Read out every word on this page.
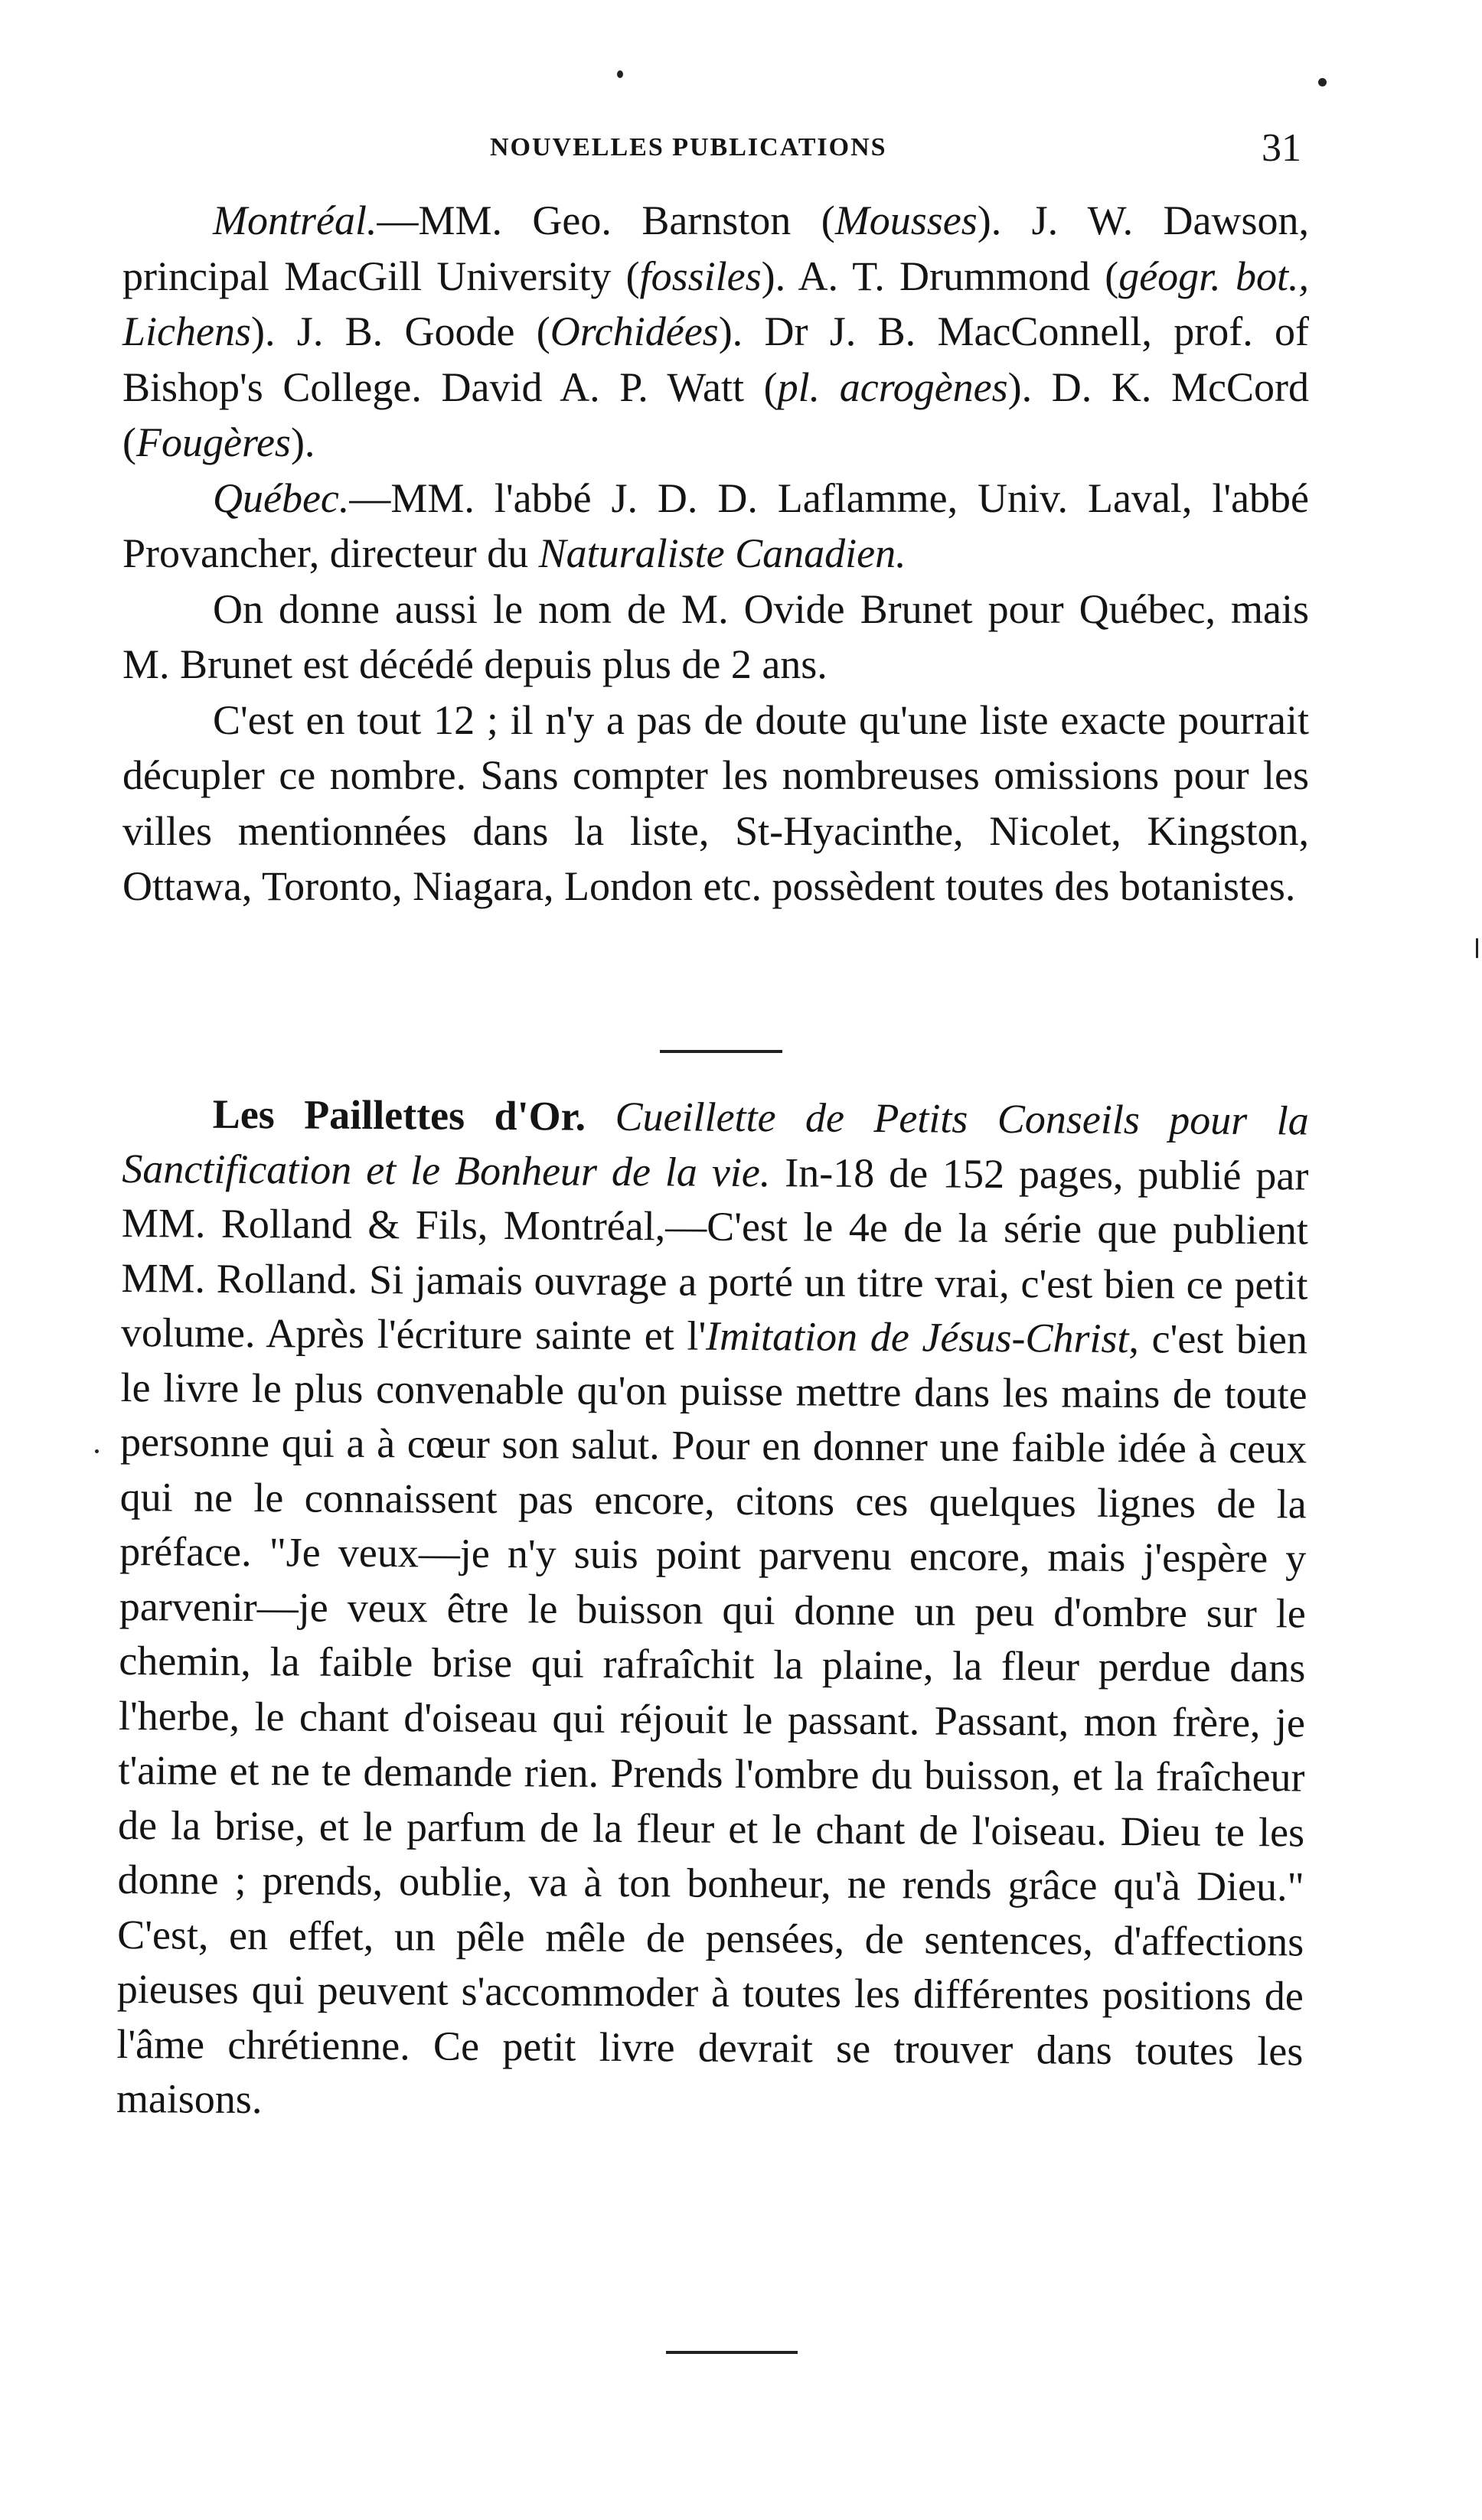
NOUVELLES PUBLICATIONS	31

Montréal.—MM. Geo. Barnston (Mousses). J. W. Dawson, principal MacGill University (fossiles). A. T. Drummond (géogr. bot., Lichens). J. B. Goode (Orchidées). Dr J. B. MacConnell, prof. of Bishop's College. David A. P. Watt (pl. acrogènes). D. K. McCord (Fougères).

Québec.—MM. l'abbé J. D. D. Laflamme, Univ. Laval, l'abbé Provancher, directeur du Naturaliste Canadien.

On donne aussi le nom de M. Ovide Brunet pour Québec, mais M. Brunet est décédé depuis plus de 2 ans.

C'est en tout 12 ; il n'y a pas de doute qu'une liste exacte pourrait décupler ce nombre. Sans compter les nombreuses omissions pour les villes mentionnées dans la liste, St-Hyacinthe, Nicolet, Kingston, Ottawa, Toronto, Niagara, London etc. possèdent toutes des botanistes.

Les Paillettes d'Or. Cueillette de Petits Conseils pour la Sanctification et le Bonheur de la vie. In-18 de 152 pages, publié par MM. Rolland & Fils, Montréal,—C'est le 4e de la série que publient MM. Rolland. Si jamais ouvrage a porté un titre vrai, c'est bien ce petit volume. Après l'écriture sainte et l'Imitation de Jésus-Christ, c'est bien le livre le plus convenable qu'on puisse mettre dans les mains de toute personne qui a à cœur son salut. Pour en donner une faible idée à ceux qui ne le connaissent pas encore, citons ces quelques lignes de la préface. "Je veux—je n'y suis point parvenu encore, mais j'espère y parvenir—je veux être le buisson qui donne un peu d'ombre sur le chemin, la faible brise qui rafraîchit la plaine, la fleur perdue dans l'herbe, le chant d'oiseau qui réjouit le passant. Passant, mon frère, je t'aime et ne te demande rien. Prends l'ombre du buisson, et la fraîcheur de la brise, et le parfum de la fleur et le chant de l'oiseau. Dieu te les donne ; prends, oublie, va à ton bonheur, ne rends grâce qu'à Dieu." C'est, en effet, un pêle mêle de pensées, de sentences, d'affections pieuses qui peuvent s'accommoder à toutes les différentes positions de l'âme chrétienne. Ce petit livre devrait se trouver dans toutes les maisons.
